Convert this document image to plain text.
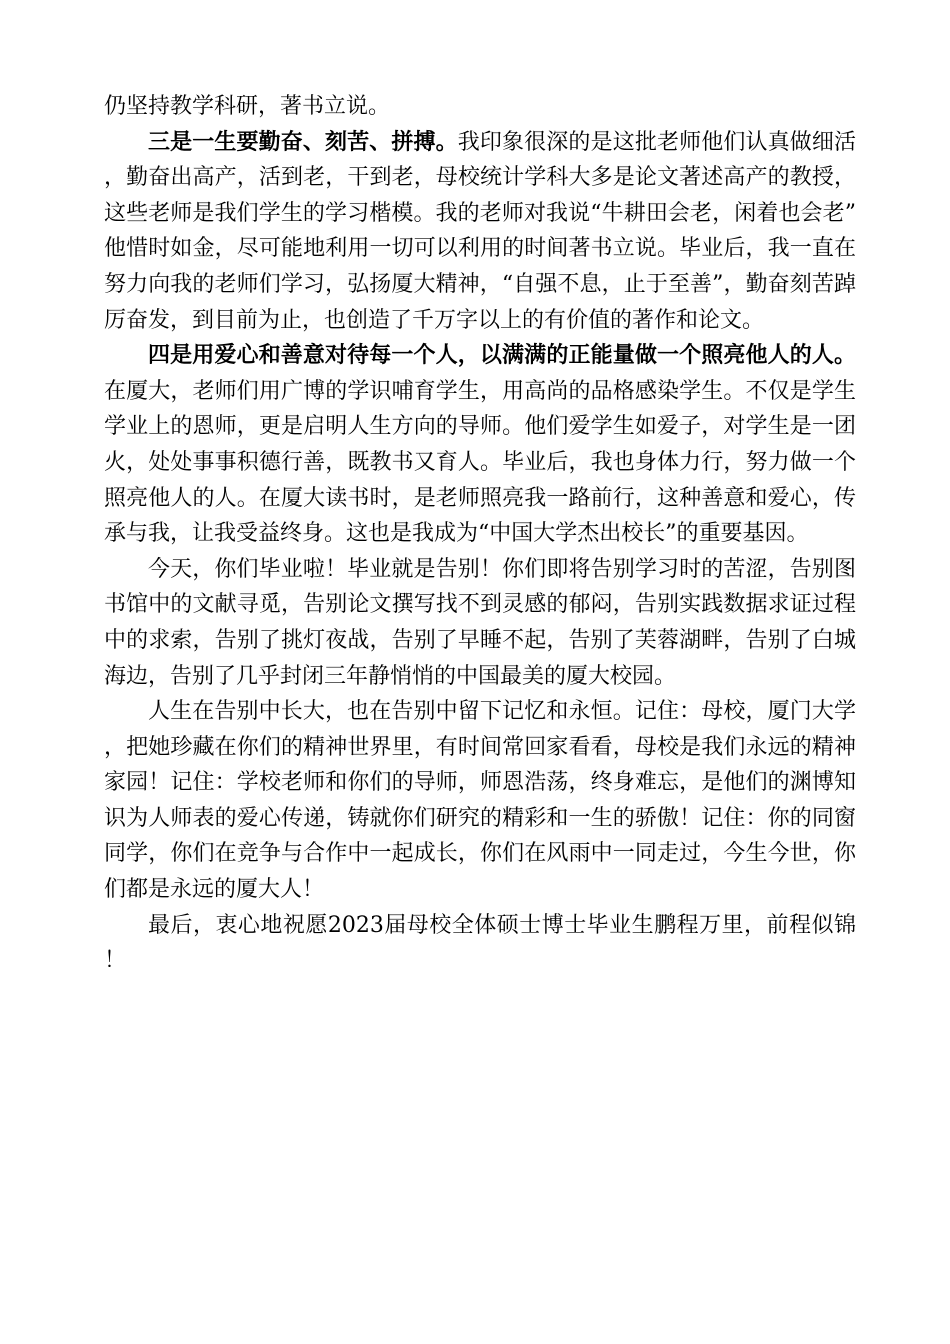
仍坚持教学科研，著书立说。

三是一生要勤奋、刻苦、拼搏。我印象很深的是这批老师他们认真做细活，勤奋出高产，活到老，干到老，母校统计学科大多是论文著述高产的教授，这些老师是我们学生的学习楷模。我的老师对我说“牛耕田会老，闲着也会老”他惜时如金，尽可能地利用一切可以利用的时间著书立说。毕业后，我一直在努力向我的老师们学习，弘扬厦大精神，“自强不息，止于至善”，勤奋刻苦踔厉奋发，到目前为止，也创造了千万字以上的有价值的著作和论文。

四是用爱心和善意对待每一个人，以满满的正能量做一个照亮他人的人。在厦大，老师们用广博的学识哺育学生，用高尚的品格感染学生。不仅是学生学业上的恩师，更是启明人生方向的导师。他们爱学生如爱子，对学生是一团火，处处事事积德行善，既教书又育人。毕业后，我也身体力行，努力做一个照亮他人的人。在厦大读书时，是老师照亮我一路前行，这种善意和爱心，传承与我，让我受益终身。这也是我成为“中国大学杰出校长”的重要基因。

今天，你们毕业啦！毕业就是告别！你们即将告别学习时的苦涩，告别图书馆中的文献寻觅，告别论文撰写找不到灵感的郁闷，告别实践数据求证过程中的求索，告别了挑灯夜战，告别了早睡不起，告别了芙蓉湖畔，告别了白城海边，告别了几乎封闭三年静悄悄的中国最美的厦大校园。

人生在告别中长大，也在告别中留下记忆和永恒。记住：母校，厦门大学，把她珍藏在你们的精神世界里，有时间常回家看看，母校是我们永远的精神家园！记住：学校老师和你们的导师，师恩浩荡，终身难忘，是他们的渊博知识为人师表的爱心传递，铸就你们研究的精彩和一生的骄傲！记住：你的同窗同学，你们在竞争与合作中一起成长，你们在风雨中一同走过，今生今世，你们都是永远的厦大人！

最后，衷心地祝愿2023届母校全体硕士博士毕业生鹏程万里，前程似锦！
